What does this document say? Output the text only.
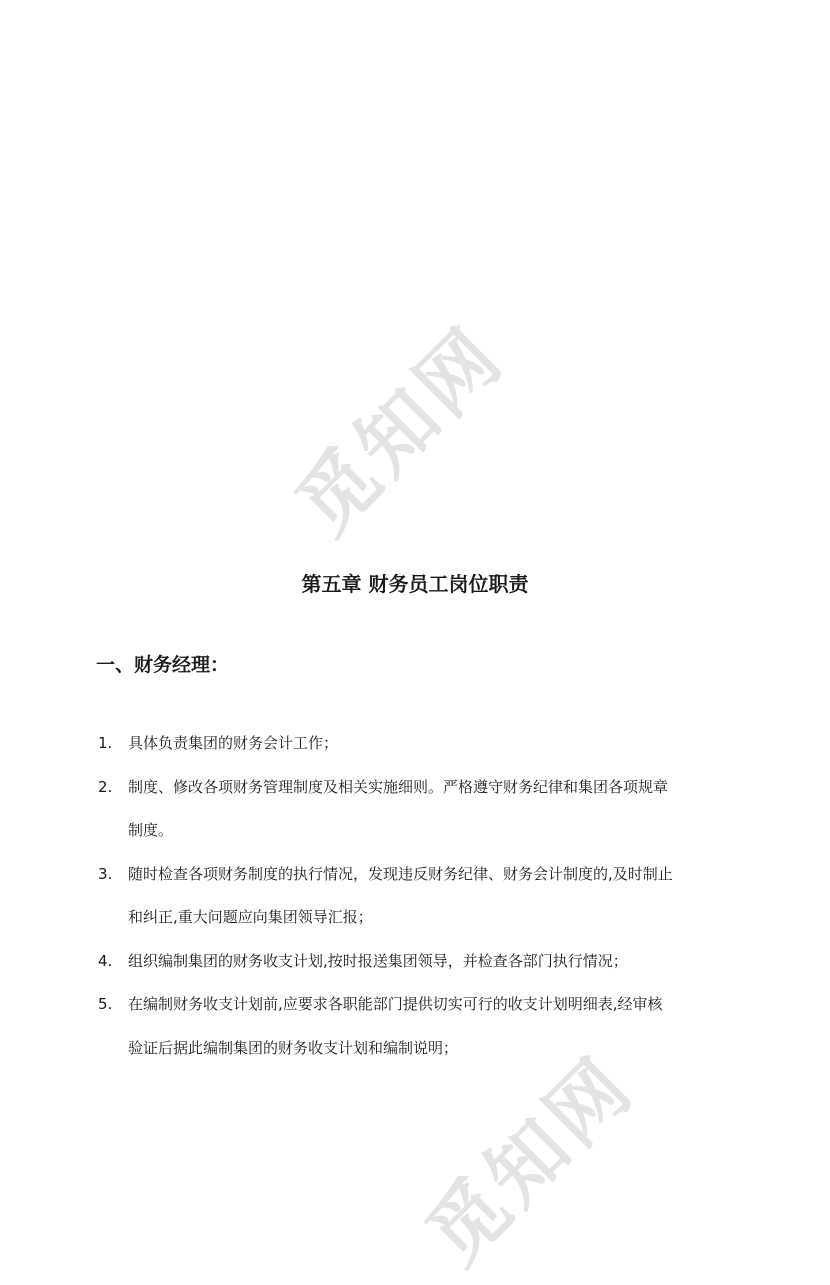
觅知网
觅知网
第五章 财务员工岗位职责
一、财务经理：
1.	具体负责集团的财务会计工作；
2.	制度、修改各项财务管理制度及相关实施细则。严格遵守财务纪律和集团各项规章
制度。
3.	随时检查各项财务制度的执行情况，发现违反财务纪律、财务会计制度的,及时制止
和纠正,重大问题应向集团领导汇报；
4.	组织编制集团的财务收支计划,按时报送集团领导，并检查各部门执行情况；
5.	在编制财务收支计划前,应要求各职能部门提供切实可行的收支计划明细表,经审核
验证后据此编制集团的财务收支计划和编制说明；
